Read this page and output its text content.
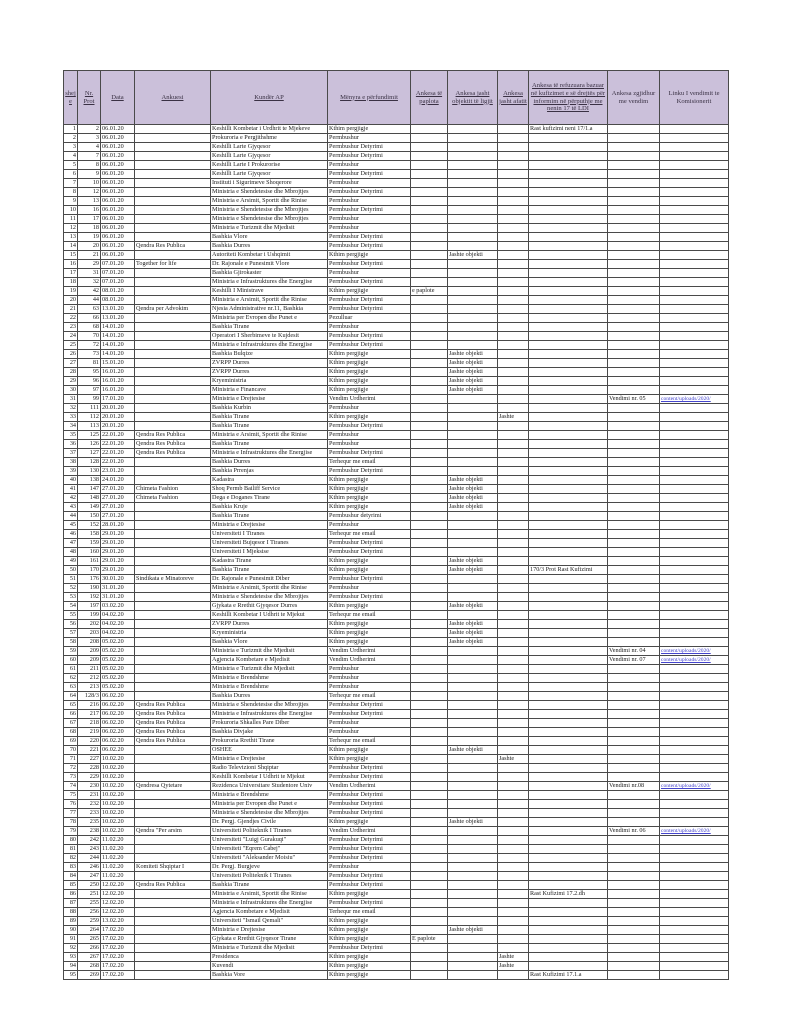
shej e	Nr. Prot	Data	Ankuesi	Kundër AP	Mënyra e përfundimit	Ankesa të paplota	Ankesa jasht objektit të ligjit	Ankesa jasht afatit	Ankesa të refuzuara bazuar në kufizimet e së drejtës për informim në përputhje me nenin 17 të LDI	Ankesa zgjidhur me vendim	Linku I vendimit te Komisionerit
1	2	06.01.20		Keshilli Kombetar i Urdhrit te Mjekeve	Kthim pergjigje				Rast kufizimi neni 17/1.a		
2	3	06.01.20		Prokuroria e Pergjithshme	Permbushur						
3	4	06.01.20		Keshilli Larte Gjyqesor	Permbushur Detyrimi						
4	7	06.01.20		Keshilli Larte Gjyqesor	Permbushur Detyrimi						
5	8	06.01.20		Keshilli Larte I Prokurorise	Permbushur						
6	9	06.01.20		Keshilli Larte Gjyqesor	Permbushur Detyrimi						
7	10	06.01.20		Instituti i Sigurimeve Shoqerore	Permbushur						
8	12	06.01.20		Ministria e Shendetesise dhe Mbrojtjes	Permbushur Detyrimi						
9	13	06.01.20		Ministria e Arsimit, Sportit dhe Rinise	Permbushur						
10	16	06.01.20		Ministria e Shendetesise dhe Mbrojtjes	Permbushur Detyrimi						
11	17	06.01.20		Ministria e Shendetesise dhe Mbrojtjes	Permbushur						
12	18	06.01.20		Ministria e Turizmit dhe Mjedisit	Permbushur						
13	19	06.01.20		Bashkia Vlore	Permbushur Detyrimi						
14	20	06.01.20	Qendra Res Publica	Bashkia Durres	Permbushur Detyrimi						
15	21	06.01.20		Autoriteti Kombetar i Ushqimit	Kthim pergjigje		Jashte objekti				
16	29	07.01.20	Together for life	Dr. Rajonale e Punesimit Vlore	Permbushur Detyrimi						
17	31	07.01.20		Bashkia Gjirokaster	Permbushur						
18	32	07.01.20		Ministria e Infrastruktures dhe Energjise	Permbushur Detyrimi						
19	42	08.01.20		Keshilli I Ministrave	Kthim pergjigje	e paplote					
20	44	08.01.20		Ministria e Arsimit, Sportit dhe Rinise	Permbushur Detyrimi						
21	63	13.01.20	Qendra per Advokim	Njesia Administrative nr.11, Bashkia	Permbushur Detyrimi						
22	66	13.01.20		Ministria per Evropen dhe Punet e	Pezulluar						
23	68	14.01.20		Bashkia Tirane	Permbushur						
24	70	14.01.20		Operatori I Sherbimeve te Kujdesit	Permbushur Detyrimi						
25	72	14.01.20		Ministria e Infrastruktures dhe Energjise	Permbushur Detyrimi						
26	73	14.01.20		Bashkia Bulqize	Kthim pergjigje		Jashte objekti				
27	81	15.01.20		ZVRPP Durres	Kthim pergjigje		Jashte objekti				
28	95	16.01.20		ZVRPP Durres	Kthim pergjigje		Jashte objekti				
29	96	16.01.20		Kryeministria	Kthim pergjigje		Jashte objekti				
30	97	16.01.20		Ministria e Financave	Kthim pergjigje		Jashte objekti				
31	99	17.01.20		Ministria e Drejtesise	Vendim Urdherimi					Vendimi nr. 05	content/uploads/2020/
32	111	20.01.20		Bashkia Kurbin	Permbushur						
33	112	20.01.20		Bashkia Tirane	Kthim pergjigje			Jashte			
34	113	20.01.20		Bashkia Tirane	Permbushur Detyrimi						
35	125	22.01.20	Qendra Res Publica	Ministria e Arsimit, Sportit dhe Rinise	Permbushur						
36	126	22.01.20	Qendra Res Publica	Bashkia Tirane	Permbushur						
37	127	22.01.20	Qendra Res Publica	Ministria e Infrastruktures dhe Energjise	Permbushur Detyrimi						
38	128	22.01.20		Bashkia Durres	Terhequr me email						
39	130	23.01.20		Bashkia Prrenjas	Permbushur Detyrimi						
40	138	24.01.20		Kadastra	Kthim pergjigje		Jashte objekti				
41	147	27.01.20	Chimeta Fashion	Shoq Permb Bailiff Service	Kthim pergjigje		Jashte objekti				
42	148	27.01.20	Chimeta Fashion	Dega e Doganes Tirane	Kthim pergjigje		Jashte objekti				
43	149	27.01.20		Bashkia Kruje	Kthim pergjigje		Jashte objekti				
44	150	27.01.20		Bashkia Tirane	Permbushur detyrimi						
45	152	28.01.20		Ministria e Drejtesise	Permbushur						
46	158	29.01.20		Universiteti I Tiranes	Terhequr me email						
47	159	29.01.20		Universiteti Bujqesor I Tiranes	Permbushur Detyrimi						
48	160	29.01.20		Universiteti I Mjeksise	Permbushur Detyrimi						
49	161	29.01.20		Kadastra Tirane	Kthim pergjigje		Jashte objekti				
50	170	29.01.20		Bashkia Tirane	Kthim pergjigje		Jashte objekti		170/3 Prot Rast Kufizimi		
51	176	30.01.20	Sindikata e Minatoreve	Dr. Rajonale e Punesimit Diber	Permbushur Detyrimi						
52	190	31.01.20		Ministria e Arsimit, Sportit dhe Rinise	Permbushur						
53	192	31.01.20		Ministria e Shendetesise dhe Mbrojtjes	Permbushur Detyrimi						
54	197	03.02.20		Gjykata e Rrethit Gjyqesor Durres	Kthim pergjigje		Jashte objekti				
55	199	04.02.20		Keshilli Kombetar I Udhrit te Mjekut	Terhequr me email						
56	202	04.02.20		ZVRPP Durres	Kthim pergjigje		Jashte objekti				
57	203	04.02.20		Kryeministria	Kthim pergjigje		Jashte objekti				
58	208	05.02.20		Bashkia Vlore	Kthim pergjigje		Jashte objekti				
59	209	05.02.20		Ministria e Turizmit dhe Mjedisit	Vendim Urdherimi					Vendimi nr. 04	content/uploads/2020/
60	209	05.02.20		Agjencia Kombetare e Mjedisit	Vendim Urdherimi					Vendimi nr. 07	content/uploads/2020/
61	211	05.02.20		Ministria e Turizmit dhe Mjedisit	Permbushur						
62	212	05.02.20		Ministria e Brendshme	Permbushur						
63	213	05.02.20		Ministria e Brendshme	Permbushur						
64	128/3	06.02.20		Bashkia Durres	Terhequr me email						
65	216	06.02.20	Qendra Res Publica	Ministria e Shendetesise dhe Mbrojtjes	Permbushur Detyrimi						
66	217	06.02.20	Qendra Res Publica	Ministria e Infrastruktures dhe Energjise	Permbushur Detyrimi						
67	218	06.02.20	Qendra Res Publica	Prokuroria Shkalles Pare Diber	Permbushur						
68	219	06.02.20	Qendra Res Publica	Bashkia Divjake	Permbushur						
69	220	06.02.20	Qendra Res Publica	Prokuroria Rrethit Tirane	Terhequr me email						
70	221	06.02.20		OSHEE	Kthim pergjigje		Jashte objekti				
71	227	10.02.20		Ministria e Drejtesise	Kthim pergjigje			Jashte			
72	228	10.02.20		Radio Televizioni Shqiptar	Permbushur Detyrimi						
73	229	10.02.20		Keshilli Kombetar I Udhrit te Mjekut	Permbushur Detyrimi						
74	230	10.02.20	Qendresa Qytetare	Rezidenca Universitare Studentore Univ	Vendim Urdherimi					Vendimi nr.08	content/uploads/2020/
75	231	10.02.20		Ministria e Brendshme	Permbushur Detyrimi						
76	232	10.02.20		Ministria per Evropen dhe Punet e	Permbushur Detyrimi						
77	233	10.02.20		Ministria e Shendetesise dhe Mbrojtjes	Permbushur Detyrimi						
78	235	10.02.20		Dr. Pergj. Gjendjes Civile	Kthim pergjigje		Jashte objekti				
79	238	10.02.20	Qendra "Per arsim	Universiteti Politeknik I Tiranes	Vendim Urdherimi					Vendimi nr. 06	content/uploads/2020/
80	242	11.02.20		Universiteti "Luigj Gurakuqi"	Permbushur Detyrimi						
81	243	11.02.20		Universiteti "Eqrem Cabej"	Permbushur Detyrimi						
82	244	11.02.20		Universiteti "Aleksander Moisiu"	Permbushur Detyrimi						
83	246	11.02.20	Komiteti Shqiptar I	Dr. Pergj. Burgjeve	Permbushur						
84	247	11.02.20		Universiteti Politeknik I Tiranes	Permbushur Detyrimi						
85	250	12.02.20	Qendra Res Publica	Bashkia Tirane	Permbushur Detyrimi						
86	251	12.02.20		Ministria e Arsimit, Sportit dhe Rinise	Kthim pergjigje				Rast Kufizimi 17.2.dh		
87	255	12.02.20		Ministria e Infrastruktures dhe Energjise	Permbushur Detyrimi						
88	256	12.02.20		Agjencia Kombetare e Mjedisit	Terhequr me email						
89	259	13.02.20		Universiteti "Ismail Qemali"	Kthim pergjigje						
90	264	17.02.20		Ministria e Drejtesise	Kthim pergjigje		Jashte objekti				
91	265	17.02.20		Gjykata e Rrethit Gjyqesor Tirane	Kthim pergjigje	E paplote					
92	266	17.02.20		Ministria e Turizmit dhe Mjedisit	Permbushur Detyrimi						
93	267	17.02.20		Presidenca	Kthim pergjigje			Jashte			
94	268	17.02.20		Kuvendi	Kthim pergjigje			Jashte			
95	269	17.02.20		Bashkia Vore	Kthim pergjigje				Rast Kufizimi 17.1.a		
